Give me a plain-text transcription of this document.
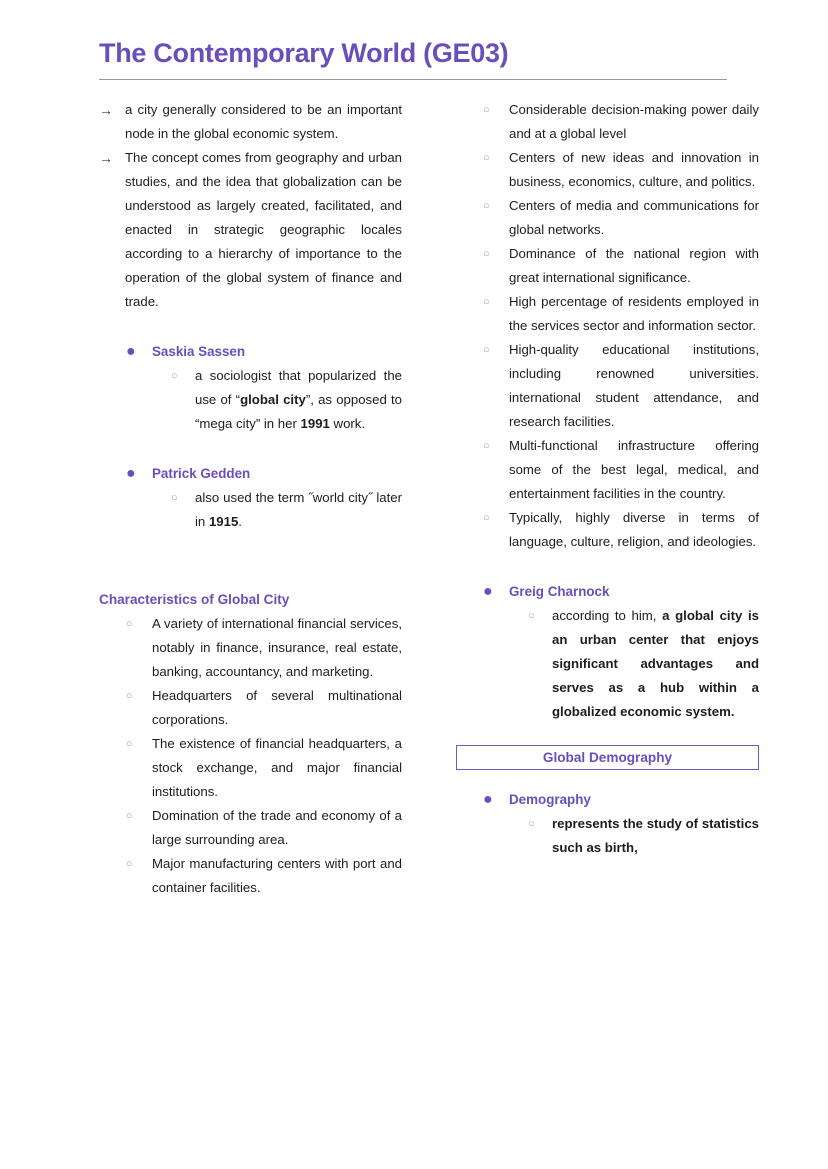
The Contemporary World (GE03)
→ a city generally considered to be an important node in the global economic system.
→ The concept comes from geography and urban studies, and the idea that globalization can be understood as largely created, facilitated, and enacted in strategic geographic locales according to a hierarchy of importance to the operation of the global system of finance and trade.
●	Saskia Sassen
○	a sociologist that popularized the use of “global city”, as opposed to “mega city” in her 1991 work.
●	Patrick Gedden
○	also used the term ˝world city˝ later in 1915.
Characteristics of Global City
○	A variety of international financial services, notably in finance, insurance, real estate, banking, accountancy, and marketing.
○	Headquarters of several multinational corporations.
○	The existence of financial headquarters, a stock exchange, and major financial institutions.
○	Domination of the trade and economy of a large surrounding area.
○	Major manufacturing centers with port and container facilities.
○	Considerable decision-making power daily and at a global level
○	Centers of new ideas and innovation in business, economics, culture, and politics.
○	Centers of media and communications for global networks.
○	Dominance of the national region with great international significance.
○	High percentage of residents employed in the services sector and information sector.
○	High-quality educational institutions, including renowned universities. international student attendance, and research facilities.
○	Multi-functional infrastructure offering some of the best legal, medical, and entertainment facilities in the country.
○	Typically, highly diverse in terms of language, culture, religion, and ideologies.
●	Greig Charnock
○	according to him, a global city is an urban center that enjoys significant advantages and serves as a hub within a globalized economic system.
Global Demography
●	Demography
○	represents the study of statistics such as birth,
